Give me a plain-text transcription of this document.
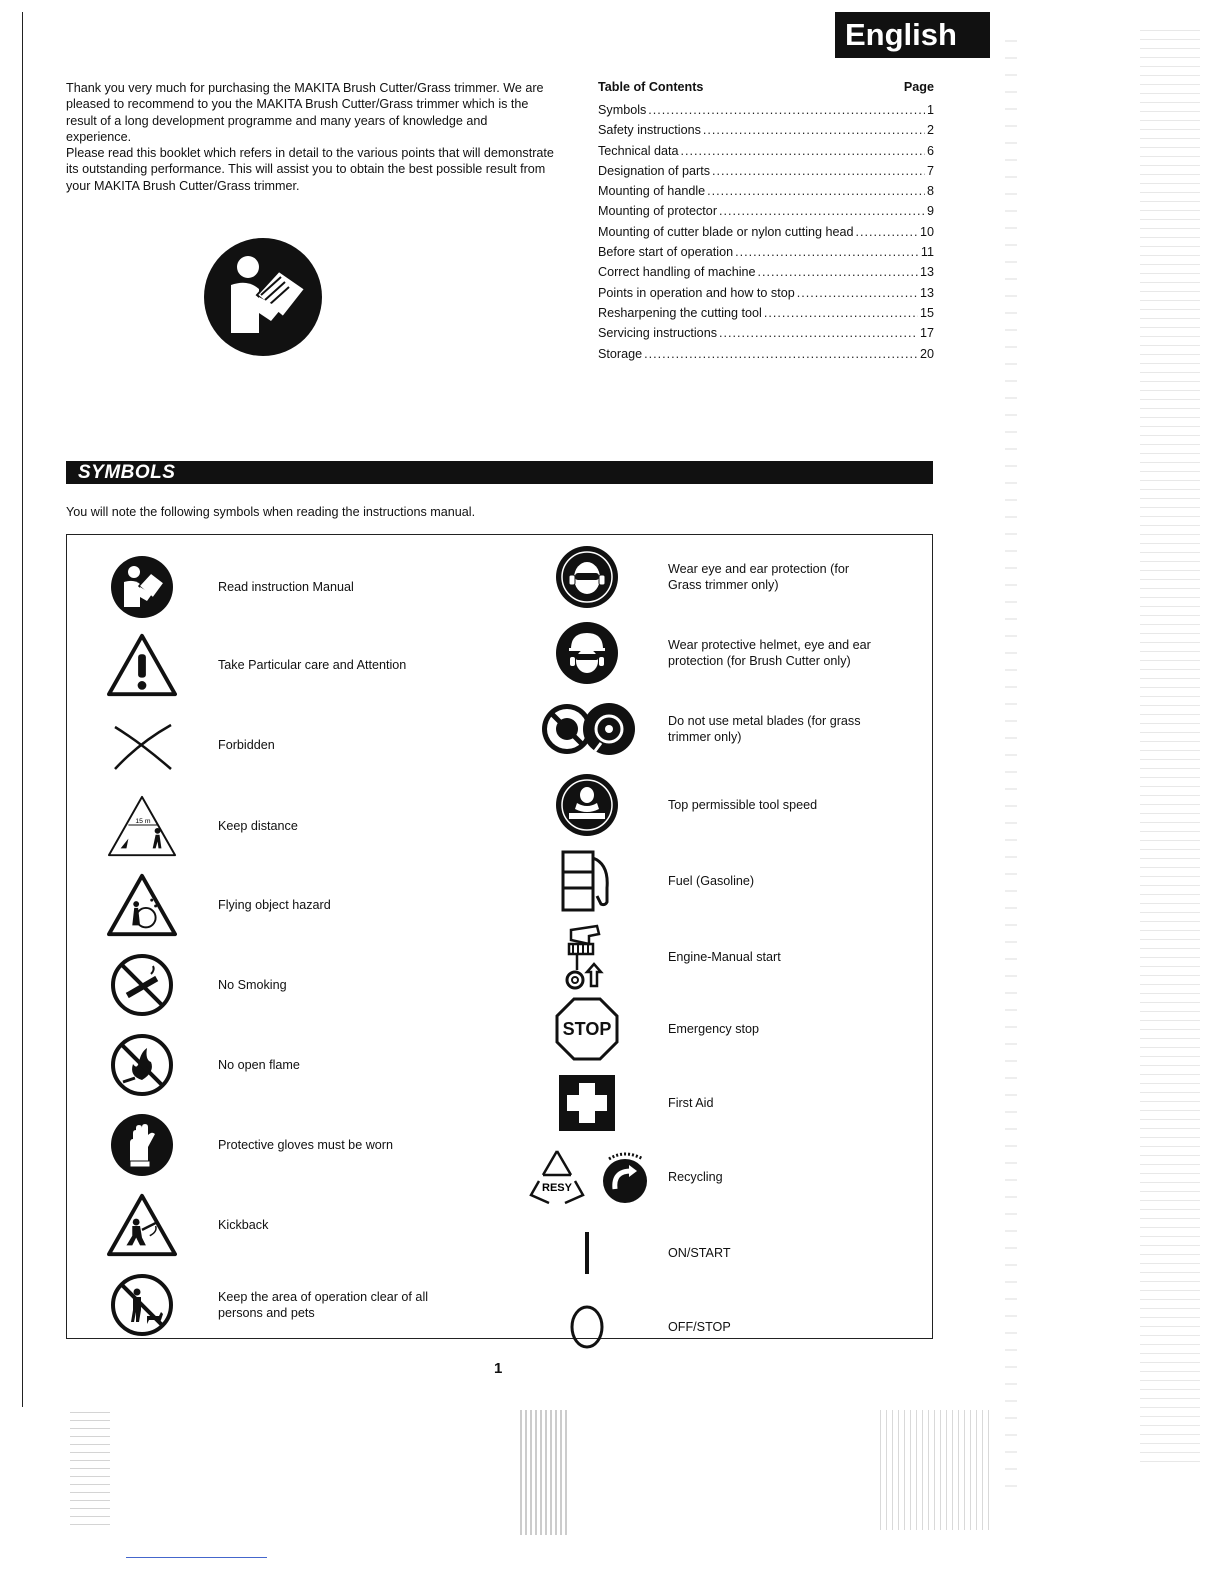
English

Thank you very much for purchasing the MAKITA Brush Cutter/Grass trimmer. We are pleased to recommend to you the MAKITA Brush Cutter/Grass trimmer which is the result of a long development programme and many years of knowledge and experience.

Please read this booklet which refers in detail to the various points that will demonstrate its outstanding performance. This will assist you to obtain the best possible result from your MAKITA Brush Cutter/Grass trimmer.

Table of Contents	Page
Symbols .....	1
Safety instructions .....	2
Technical data .....	6
Designation of parts .....	7
Mounting of handle .....	8
Mounting of protector .....	9
Mounting of cutter blade or nylon cutting head .....	10
Before start of operation .....	11
Correct handling of machine .....	13
Points in operation and how to stop .....	13
Resharpening the cutting tool .....	15
Servicing instructions .....	17
Storage .....	20
SYMBOLS
You will note the following symbols when reading the instructions manual.
Read instruction Manual
Take Particular care and Attention
Forbidden
15 m	Keep distance
Flying object hazard
No Smoking
No open flame
Protective gloves must be worn
Kickback
Keep the area of operation clear of all persons and pets
Wear eye and ear protection (for Grass trimmer only)
Wear protective helmet, eye and ear protection (for Brush Cutter only)
Do not use metal blades (for grass trimmer only)
Top permissible tool speed
Fuel (Gasoline)
Engine-Manual start
STOP	Emergency stop
First Aid
RESY
Recycling
ON/START
OFF/STOP
1
